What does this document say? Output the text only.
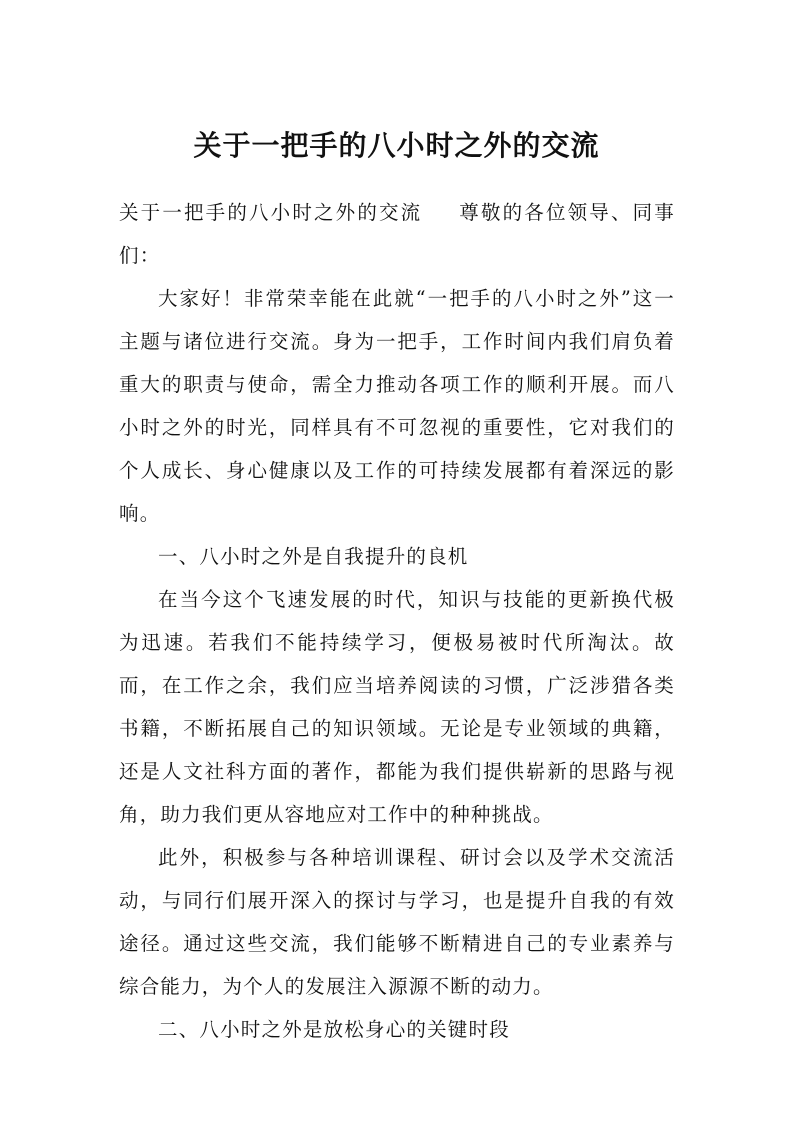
关于一把手的八小时之外的交流

关于一把手的八小时之外的交流 尊敬的各位领导、同事们：

大家好！非常荣幸能在此就“一把手的八小时之外”这一主题与诸位进行交流。身为一把手，工作时间内我们肩负着重大的职责与使命，需全力推动各项工作的顺利开展。而八小时之外的时光，同样具有不可忽视的重要性，它对我们的个人成长、身心健康以及工作的可持续发展都有着深远的影响。

一、八小时之外是自我提升的良机

在当今这个飞速发展的时代，知识与技能的更新换代极为迅速。若我们不能持续学习，便极易被时代所淘汰。故而，在工作之余，我们应当培养阅读的习惯，广泛涉猎各类书籍，不断拓展自己的知识领域。无论是专业领域的典籍，还是人文社科方面的著作，都能为我们提供崭新的思路与视角，助力我们更从容地应对工作中的种种挑战。

此外，积极参与各种培训课程、研讨会以及学术交流活动，与同行们展开深入的探讨与学习，也是提升自我的有效途径。通过这些交流，我们能够不断精进自己的专业素养与综合能力，为个人的发展注入源源不断的动力。

二、八小时之外是放松身心的关键时段
